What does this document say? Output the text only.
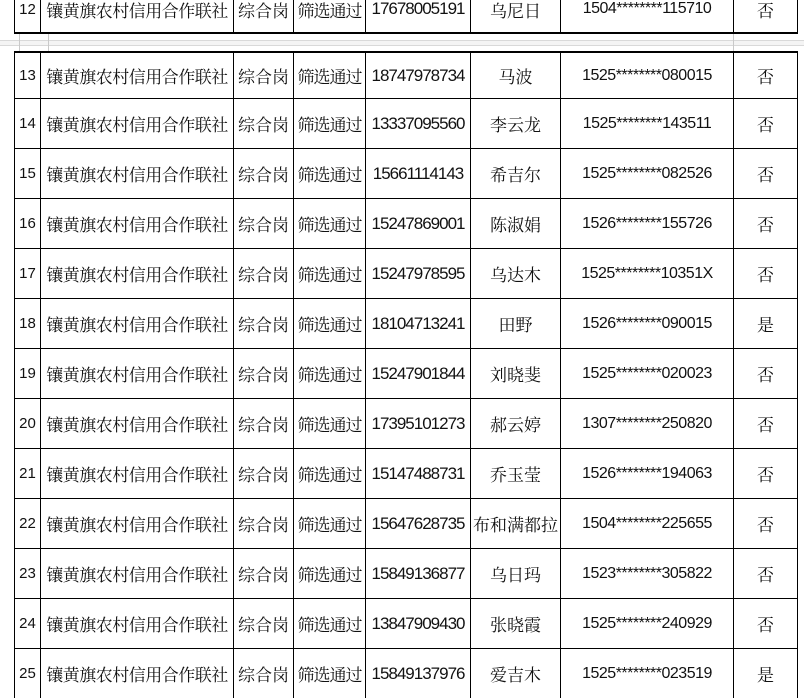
12 镶黄旗农村信用合作联社 综合岗 筛选通过 17678005191	乌尼日	1504********115710	否
13 镶黄旗农村信用合作联社 综合岗 筛选通过 18747978734	马波	1525********080015	否
14 镶黄旗农村信用合作联社 综合岗 筛选通过 13337095560	李云龙	1525********143511	否
15 镶黄旗农村信用合作联社 综合岗 筛选通过 15661114143	希吉尔	1525********082526	否
16 镶黄旗农村信用合作联社 综合岗 筛选通过 15247869001	陈淑娟	1526********155726	否
17 镶黄旗农村信用合作联社 综合岗 筛选通过 15247978595	乌达木	1525********10351X	否
18 镶黄旗农村信用合作联社 综合岗 筛选通过 18104713241	田野	1526********090015	是
19 镶黄旗农村信用合作联社 综合岗 筛选通过 15247901844	刘晓斐	1525********020023	否
20 镶黄旗农村信用合作联社 综合岗 筛选通过 17395101273	郝云婷	1307********250820	否
21 镶黄旗农村信用合作联社 综合岗 筛选通过 15147488731	乔玉莹	1526********194063	否
22 镶黄旗农村信用合作联社 综合岗 筛选通过 15647628735 布和满都拉	1504********225655	否
23 镶黄旗农村信用合作联社 综合岗 筛选通过 15849136877	乌日玛	1523********305822	否
24 镶黄旗农村信用合作联社 综合岗 筛选通过 13847909430	张晓霞	1525********240929	否
25 镶黄旗农村信用合作联社 综合岗 筛选通过 15849137976	爱吉木	1525********023519	是
